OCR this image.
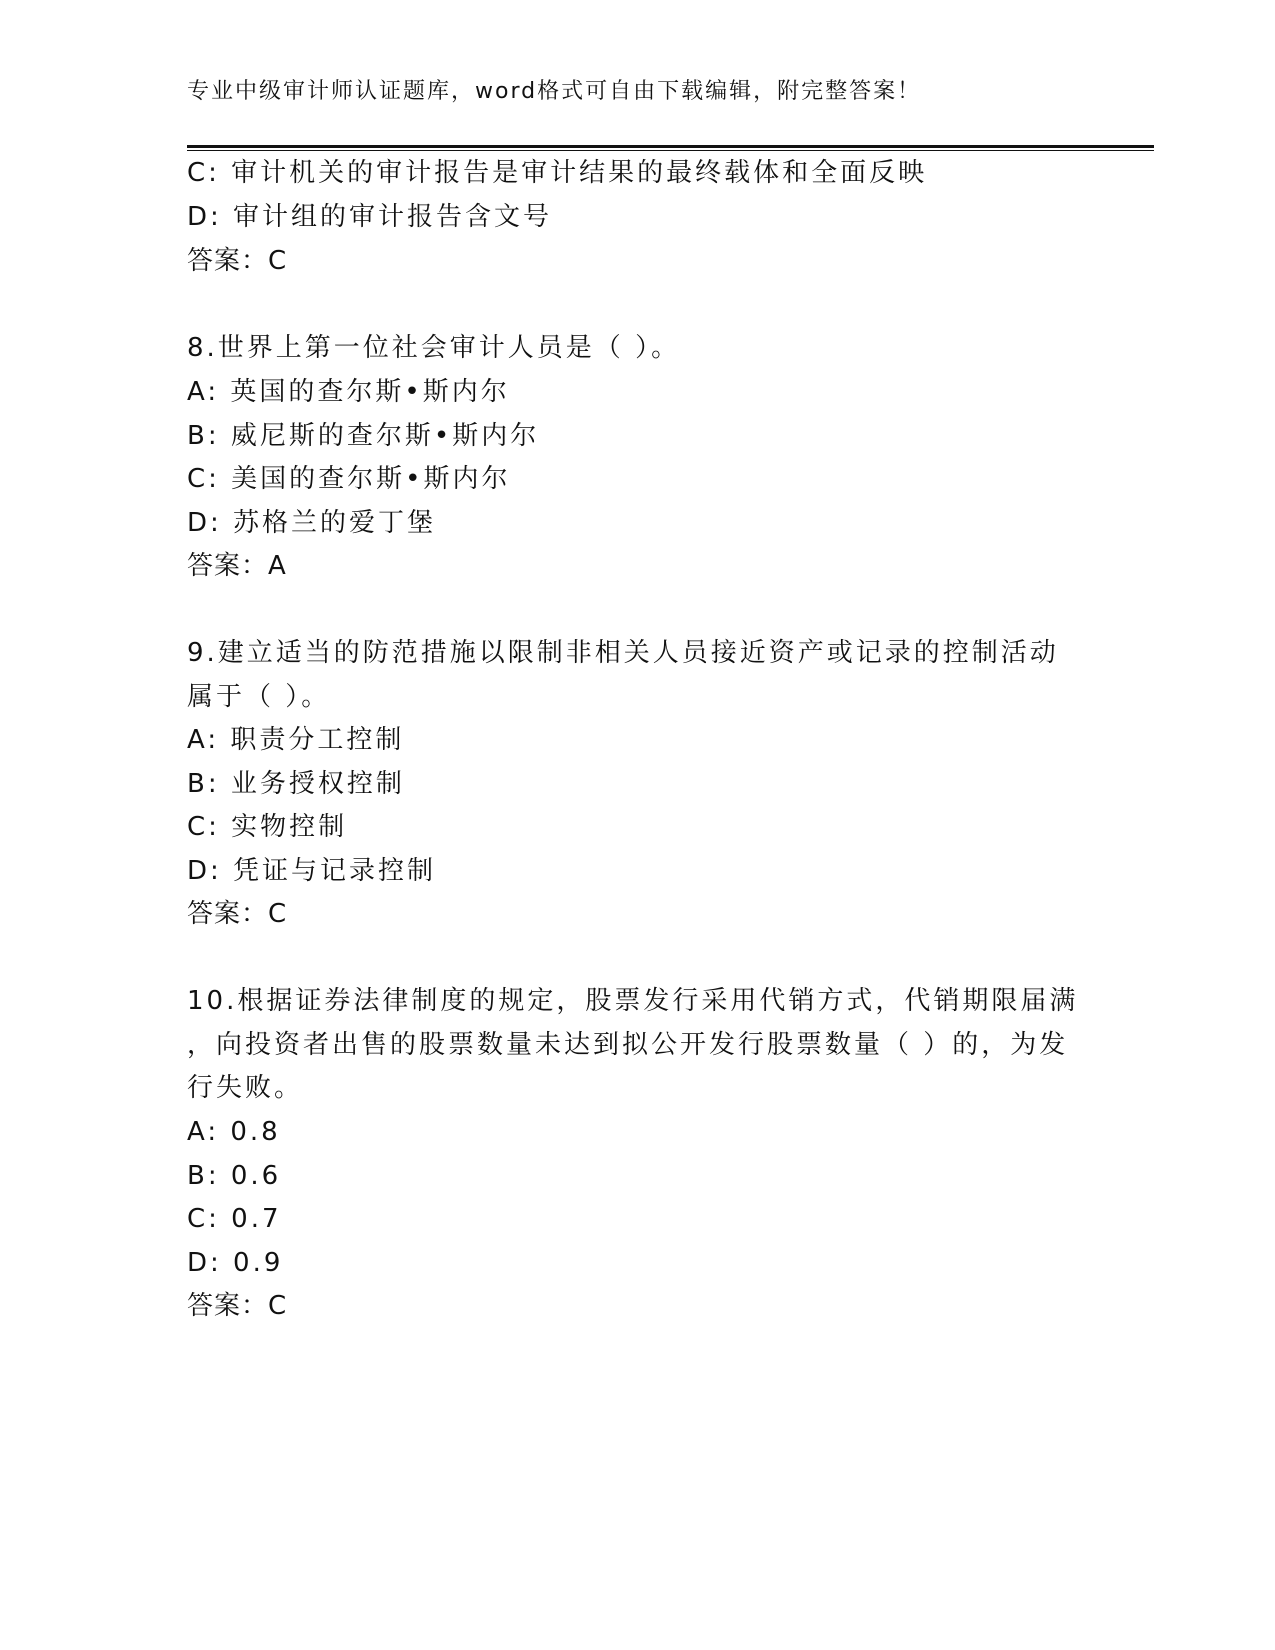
专业中级审计师认证题库，word格式可自由下载编辑，附完整答案！
C: 审计机关的审计报告是审计结果的最终载体和全面反映
D: 审计组的审计报告含文号
答案：C
8.世界上第一位社会审计人员是（ ）。
A: 英国的查尔斯•斯内尔
B: 威尼斯的查尔斯•斯内尔
C: 美国的查尔斯•斯内尔
D: 苏格兰的爱丁堡
答案：A
9.建立适当的防范措施以限制非相关人员接近资产或记录的控制活动
属于（ ）。
A: 职责分工控制
B: 业务授权控制
C: 实物控制
D: 凭证与记录控制
答案：C
10.根据证券法律制度的规定，股票发行采用代销方式，代销期限届满
，向投资者出售的股票数量未达到拟公开发行股票数量（ ）的，为发
行失败。
A: 0.8
B: 0.6
C: 0.7
D: 0.9
答案：C
